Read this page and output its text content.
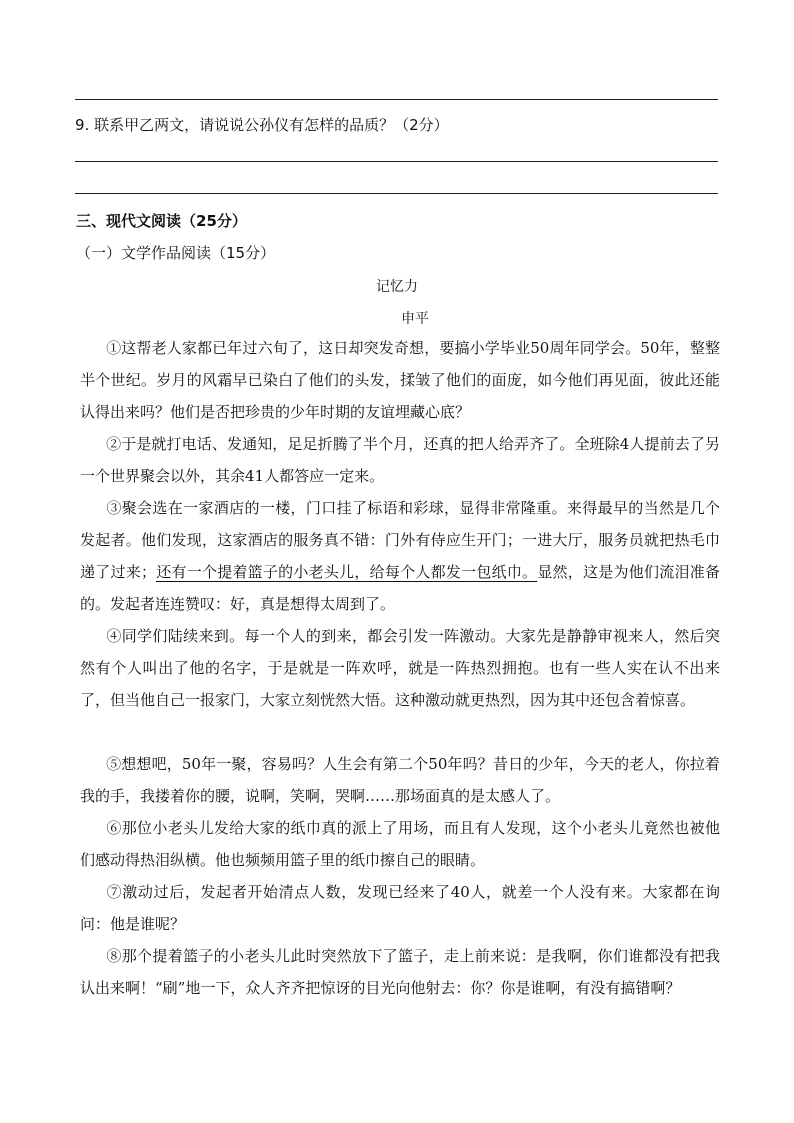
9. 联系甲乙两文，请说说公孙仪有怎样的品质？（2分）
三、现代文阅读（25分）
（一）文学作品阅读（15分）
记忆力
申平
①这帮老人家都已年过六旬了，这日却突发奇想，要搞小学毕业50周年同学会。50年，整整半个世纪。岁月的风霜早已染白了他们的头发，揉皱了他们的面庞，如今他们再见面，彼此还能认得出来吗？他们是否把珍贵的少年时期的友谊埋藏心底？
②于是就打电话、发通知，足足折腾了半个月，还真的把人给弄齐了。全班除4人提前去了另一个世界聚会以外，其余41人都答应一定来。
③聚会选在一家酒店的一楼，门口挂了标语和彩球，显得非常隆重。来得最早的当然是几个发起者。他们发现，这家酒店的服务真不错：门外有侍应生开门；一进大厅，服务员就把热毛巾递了过来；还有一个提着篮子的小老头儿，给每个人都发一包纸巾。显然，这是为他们流泪准备的。发起者连连赞叹：好，真是想得太周到了。
④同学们陆续来到。每一个人的到来，都会引发一阵激动。大家先是静静审视来人，然后突然有个人叫出了他的名字，于是就是一阵欢呼，就是一阵热烈拥抱。也有一些人实在认不出来了，但当他自己一报家门，大家立刻恍然大悟。这种激动就更热烈，因为其中还包含着惊喜。
⑤想想吧，50年一聚，容易吗？人生会有第二个50年吗？昔日的少年，今天的老人，你拉着我的手，我搂着你的腰，说啊，笑啊，哭啊……那场面真的是太感人了。
⑥那位小老头儿发给大家的纸巾真的派上了用场，而且有人发现，这个小老头儿竟然也被他们感动得热泪纵横。他也频频用篮子里的纸巾擦自己的眼睛。
⑦激动过后，发起者开始清点人数，发现已经来了40人，就差一个人没有来。大家都在询问：他是谁呢？
⑧那个提着篮子的小老头儿此时突然放下了篮子，走上前来说：是我啊，你们谁都没有把我认出来啊！“刷”地一下，众人齐齐把惊讶的目光向他射去：你？你是谁啊，有没有搞错啊？
